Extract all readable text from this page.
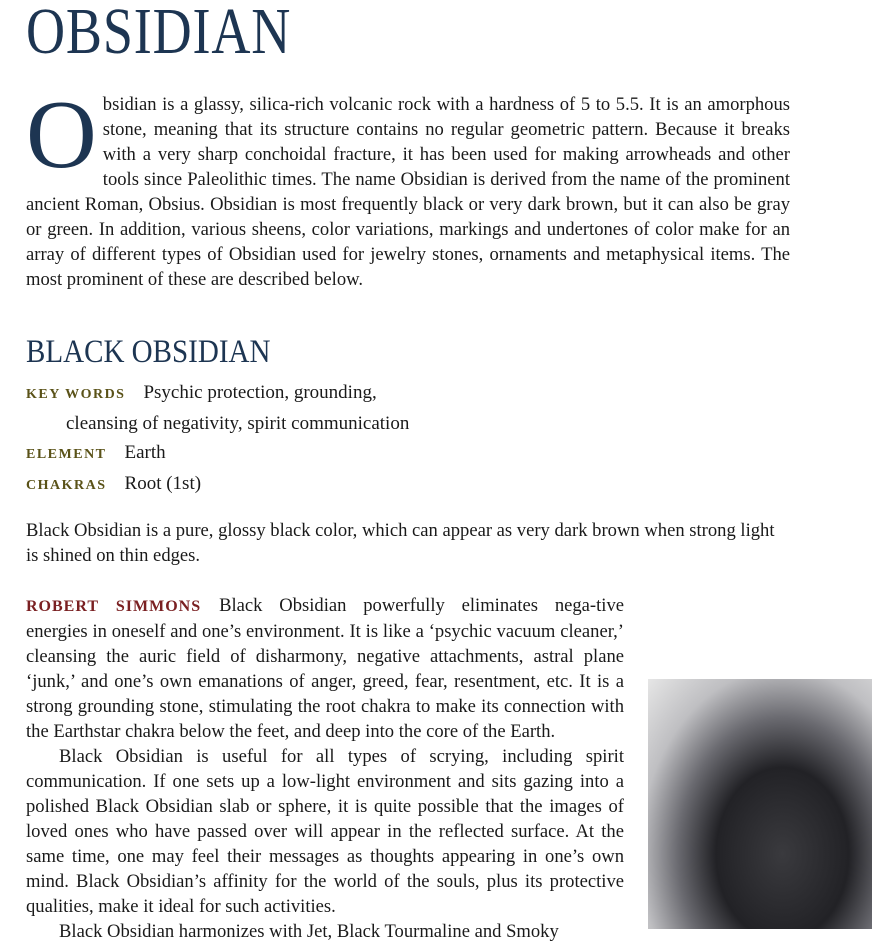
OBSIDIAN

Obsidian is a glassy, silica-rich volcanic rock with a hardness of 5 to 5.5. It is an amorphous stone, meaning that its structure contains no regular geometric pattern. Because it breaks with a very sharp conchoidal fracture, it has been used for making arrowheads and other tools since Paleolithic times. The name Obsidian is derived from the name of the prominent ancient Roman, Obsius. Obsidian is most frequently black or very dark brown, but it can also be gray or green. In addition, various sheens, color variations, markings and undertones of color make for an array of different types of Obsidian used for jewelry stones, ornaments and metaphysical items. The most prominent of these are described below.

BLACK OBSIDIAN
KEY WORDS Psychic protection, grounding,
cleansing of negativity, spirit communication
ELEMENT Earth
CHAKRAS Root (1st)

Black Obsidian is a pure, glossy black color, which can appear as very dark brown when strong light is shined on thin edges.

ROBERT SIMMONS Black Obsidian powerfully eliminates nega-tive energies in oneself and one’s environment. It is like a ‘psychic vacuum cleaner,’ cleansing the auric field of disharmony, negative attachments, astral plane ‘junk,’ and one’s own emanations of anger, greed, fear, resentment, etc. It is a strong grounding stone, stimulating the root chakra to make its connection with the Earthstar chakra below the feet, and deep into the core of the Earth.

Black Obsidian is useful for all types of scrying, including spirit communication. If one sets up a low-light environment and sits gazing into a polished Black Obsidian slab or sphere, it is quite possible that the images of loved ones who have passed over will appear in the reflected surface. At the same time, one may feel their messages as thoughts appearing in one’s own mind. Black Obsidian’s affinity for the world of the souls, plus its protective qualities, make it ideal for such activities.

Black Obsidian harmonizes with Jet, Black Tourmaline and Smoky
